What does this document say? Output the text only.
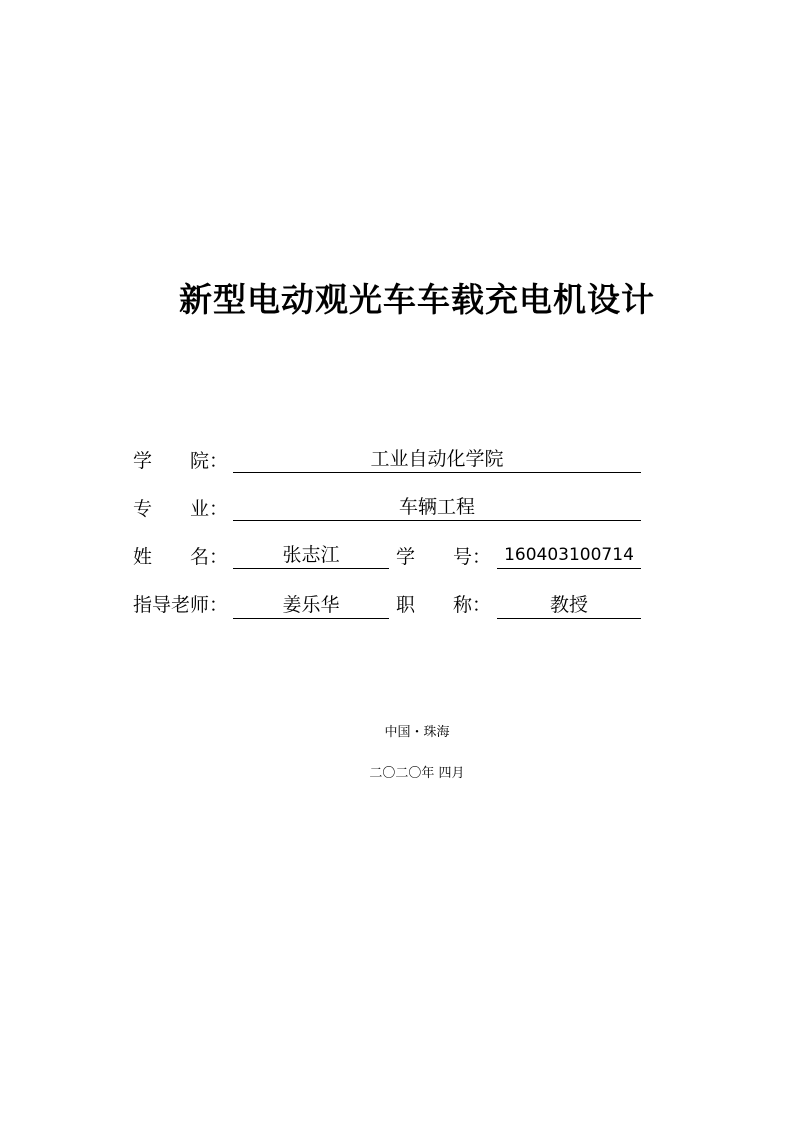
新型电动观光车车载充电机设计
学　　院：	工业自动化学院
专　　业：	车辆工程
姓　　名：	张志江	学　　号： 160403100714
指导老师：	姜乐华	职　　称：	教授
中国・珠海
二〇二〇年 四月
